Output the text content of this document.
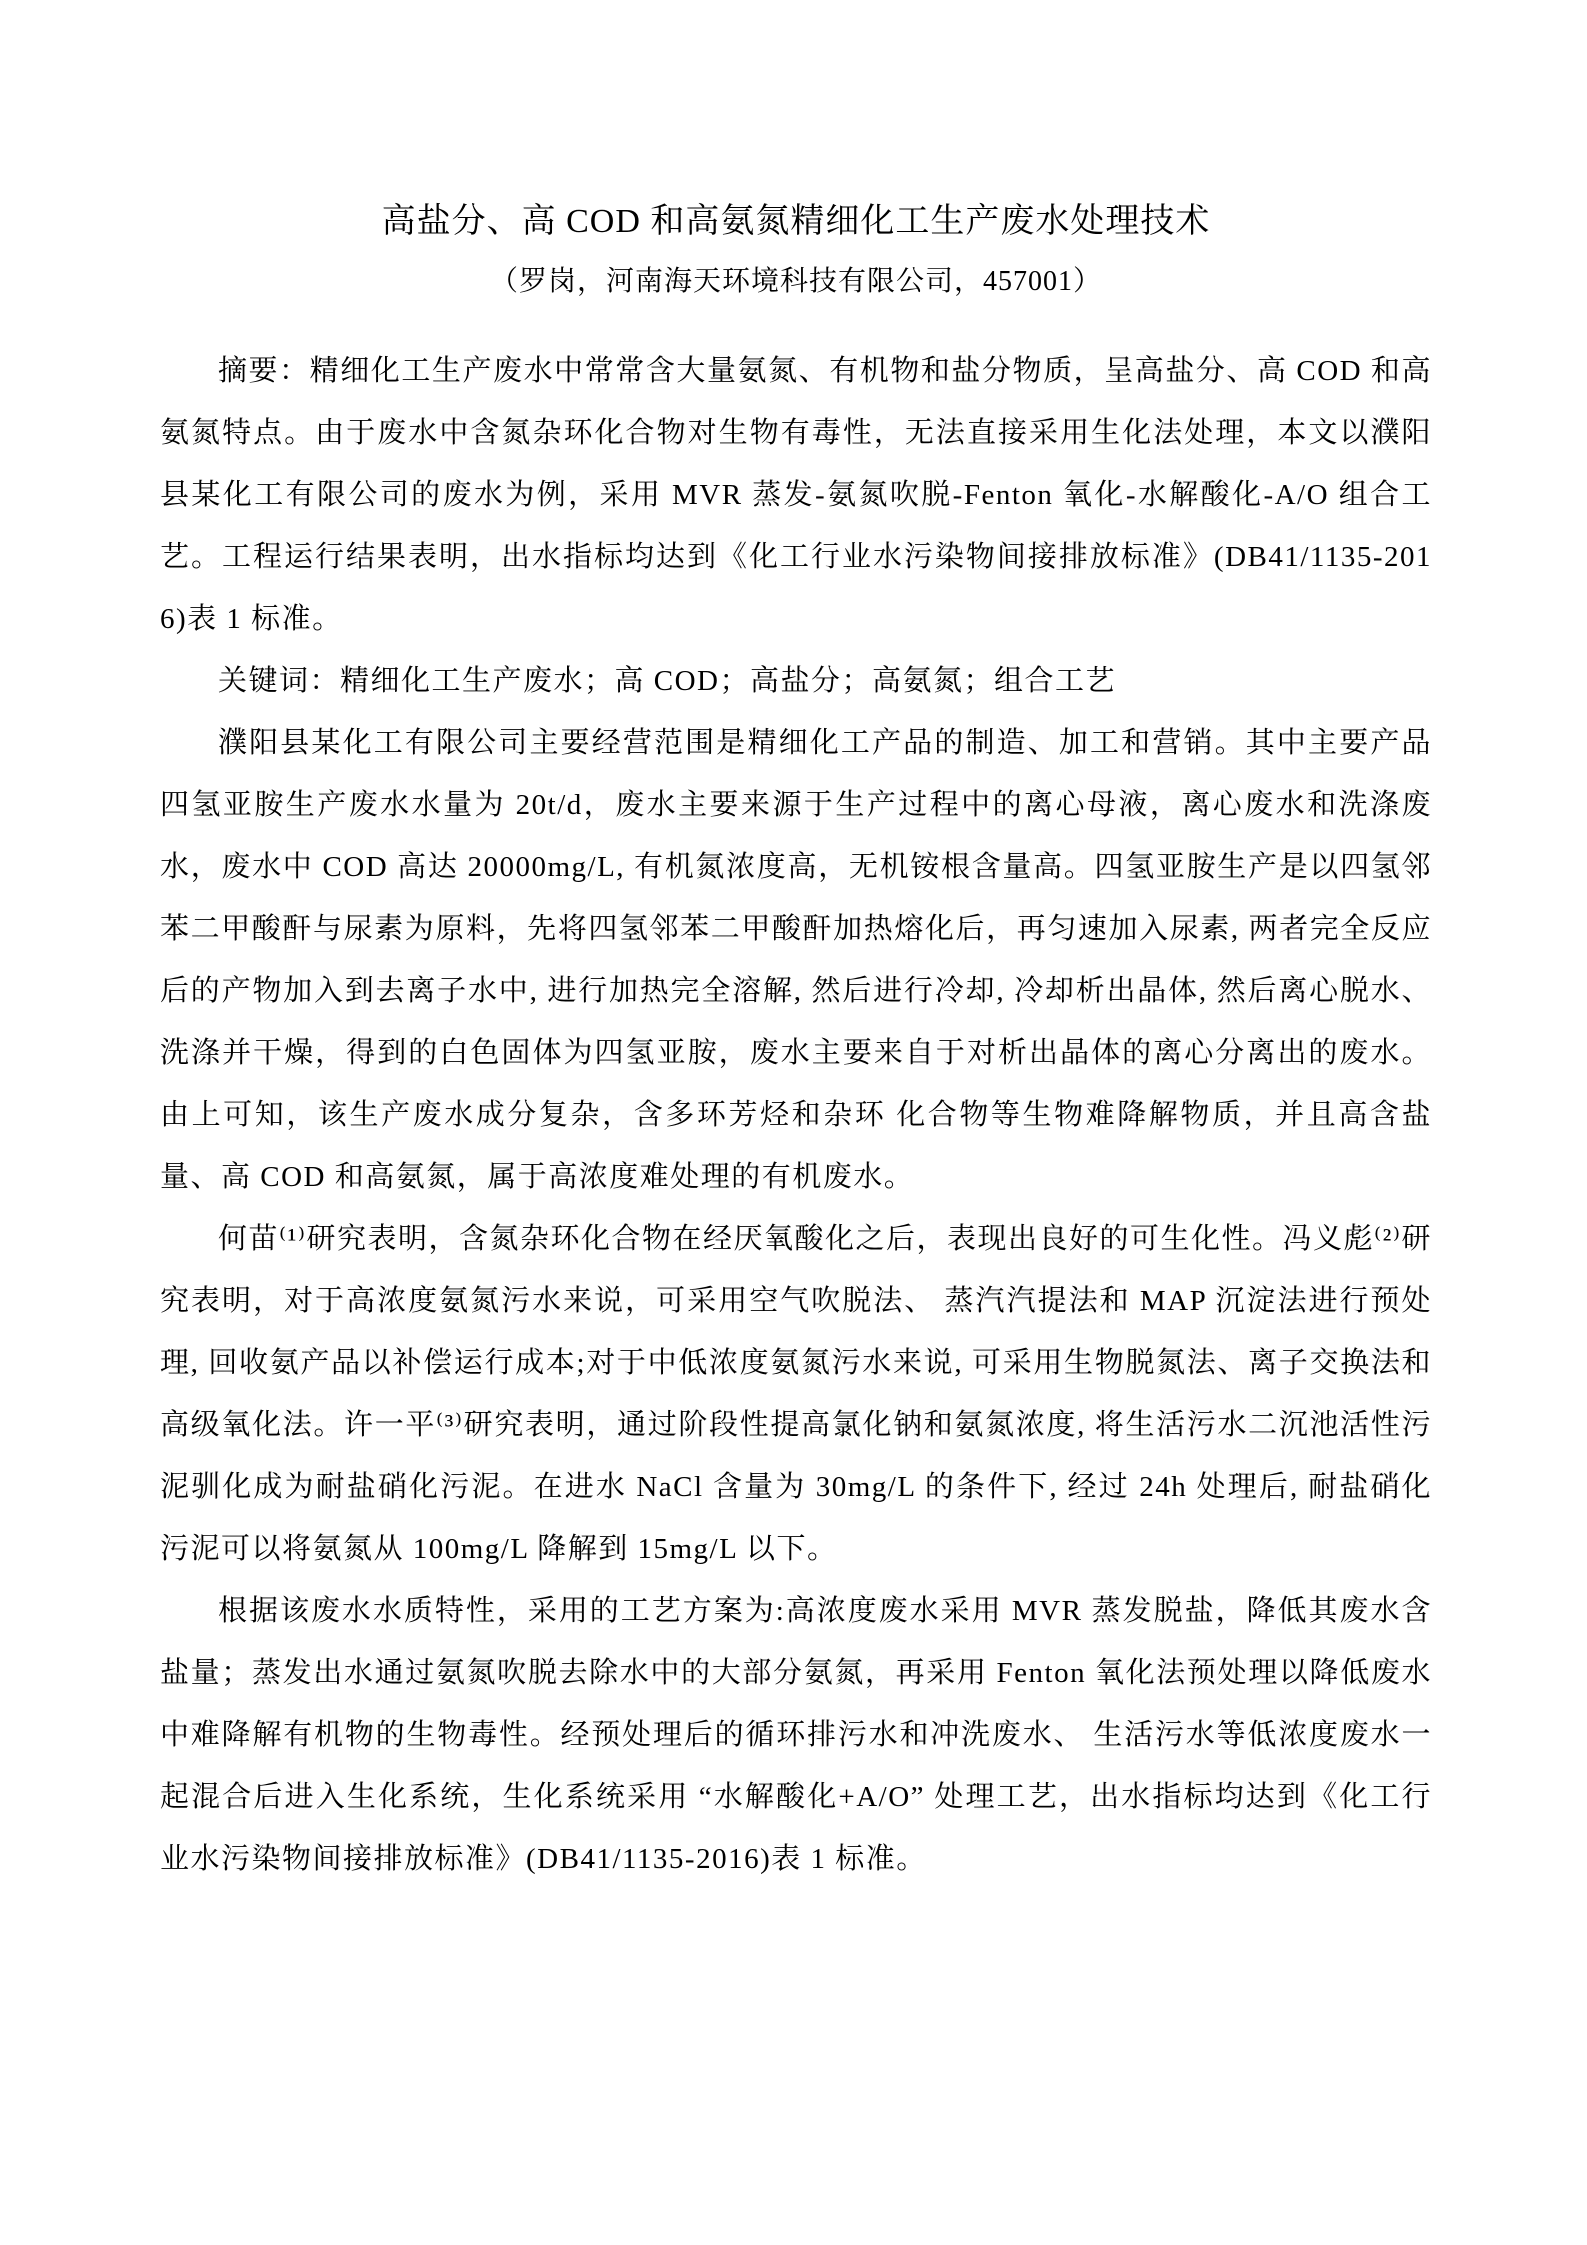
高盐分、高 COD 和高氨氮精细化工生产废水处理技术
（罗岗，河南海天环境科技有限公司，457001）

摘要：精细化工生产废水中常常含大量氨氮、有机物和盐分物质，呈高盐分、高 COD 和高氨氮特点。由于废水中含氮杂环化合物对生物有毒性，无法直接采用生化法处理，本文以濮阳县某化工有限公司的废水为例，采用 MVR 蒸发-氨氮吹脱-Fenton 氧化-水解酸化-A/O 组合工艺。工程运行结果表明，出水指标均达到《化工行业水污染物间接排放标准》(DB41/1135-2016)表 1 标准。

关键词：精细化工生产废水；高 COD；高盐分；高氨氮；组合工艺

濮阳县某化工有限公司主要经营范围是精细化工产品的制造、加工和营销。其中主要产品四氢亚胺生产废水水量为 20t/d，废水主要来源于生产过程中的离心母液，离心废水和洗涤废水，废水中 COD 高达 20000mg/L, 有机氮浓度高，无机铵根含量高。四氢亚胺生产是以四氢邻苯二甲酸酐与尿素为原料，先将四氢邻苯二甲酸酐加热熔化后，再匀速加入尿素, 两者完全反应后的产物加入到去离子水中, 进行加热完全溶解, 然后进行冷却, 冷却析出晶体, 然后离心脱水、洗涤并干燥，得到的白色固体为四氢亚胺，废水主要来自于对析出晶体的离心分离出的废水。 由上可知，该生产废水成分复杂，含多环芳烃和杂环 化合物等生物难降解物质，并且高含盐量、高 COD 和高氨氮，属于高浓度难处理的有机废水。

何苗⁽¹⁾研究表明，含氮杂环化合物在经厌氧酸化之后，表现出良好的可生化性。冯义彪⁽²⁾研究表明，对于高浓度氨氮污水来说，可采用空气吹脱法、 蒸汽汽提法和 MAP 沉淀法进行预处理, 回收氨产品以补偿运行成本;对于中低浓度氨氮污水来说, 可采用生物脱氮法、离子交换法和高级氧化法。许一平⁽³⁾研究表明，通过阶段性提高氯化钠和氨氮浓度, 将生活污水二沉池活性污泥驯化成为耐盐硝化污泥。在进水 NaCl 含量为 30mg/L 的条件下, 经过 24h 处理后, 耐盐硝化污泥可以将氨氮从 100mg/L 降解到 15mg/L 以下。

根据该废水水质特性，采用的工艺方案为:高浓度废水采用 MVR 蒸发脱盐，降低其废水含盐量；蒸发出水通过氨氮吹脱去除水中的大部分氨氮，再采用 Fenton 氧化法预处理以降低废水中难降解有机物的生物毒性。经预处理后的循环排污水和冲洗废水、 生活污水等低浓度废水一起混合后进入生化系统，生化系统采用 “水解酸化+A/O” 处理工艺，出水指标均达到《化工行业水污染物间接排放标准》(DB41/1135-2016)表 1 标准。
